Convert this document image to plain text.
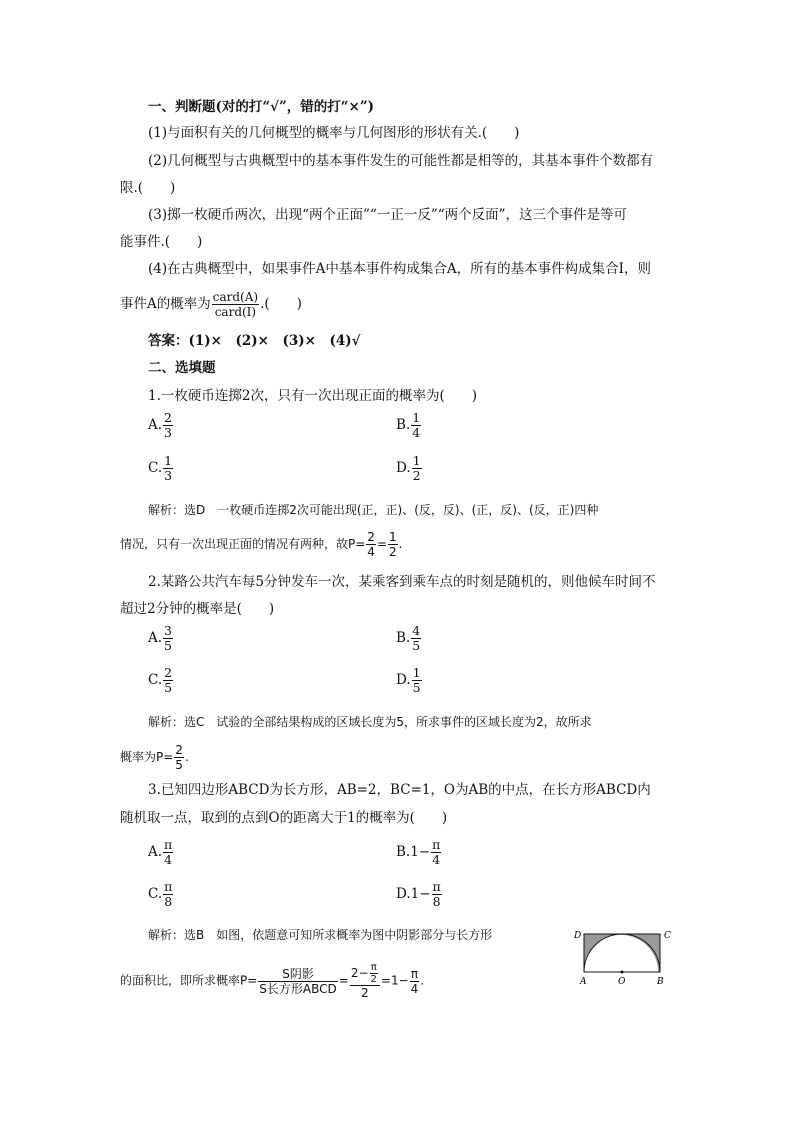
一、判断题(对的打“√”，错的打“×”)
(1)与面积有关的几何概型的概率与几何图形的形状有关.(　　)
(2)几何概型与古典概型中的基本事件发生的可能性都是相等的，其基本事件个数都有
限.(　　)
(3)掷一枚硬币两次，出现“两个正面”“一正一反”“两个反面”，这三个事件是等可
能事件.(　　)
(4)在古典概型中，如果事件A中基本事件构成集合A，所有的基本事件构成集合I，则
事件A的概率为 $\frac{\text{card(A)}}{\text{card(I)}}$ .(　　)
答案：(1)×　(2)×　(3)×　(4)√
二、选填题
1.一枚硬币连掷2次，只有一次出现正面的概率为(　　)
A. $\frac{2}{3}$	B. $\frac{1}{4}$
C. $\frac{1}{3}$	D. $\frac{1}{2}$
解析：选D　一枚硬币连掷2次可能出现(正，正)、(反，反)、(正，反)、(反，正)四种
情况，只有一次出现正面的情况有两种，故$P= \frac{2}{4} = \frac{1}{2}$ .
2.某路公共汽车每5分钟发车一次，某乘客到乘车点的时刻是随机的，则他候车时间不
超过2分钟的概率是(　　)
A. $\frac{3}{5}$	B. $\frac{4}{5}$
C. $\frac{2}{5}$	D. $\frac{1}{5}$
解析：选C　试验的全部结果构成的区域长度为5，所求事件的区域长度为2，故所求
概率为$P= \frac{2}{5}$ .
3.已知四边形ABCD为长方形，AB=2，BC=1，O为AB的中点，在长方形ABCD内
随机取一点，取到的点到O的距离大于1的概率为(　　)
A. $\frac{\pi}{4}$	$B.1- \frac{\pi}{4}$
C. $\frac{\pi}{8}$	$D.1- \frac{\pi}{8}$
解析：选B　如图，依题意可知所求概率为图中阴影部分与长方形
的面积比，即所求概率$P= \frac{\text{S阴影}}{\text{S长方形ABCD}} = \frac{2- \frac{\pi}{2}}{2} =1- \frac{\pi}{4}$ .
D	C
A	O	B
